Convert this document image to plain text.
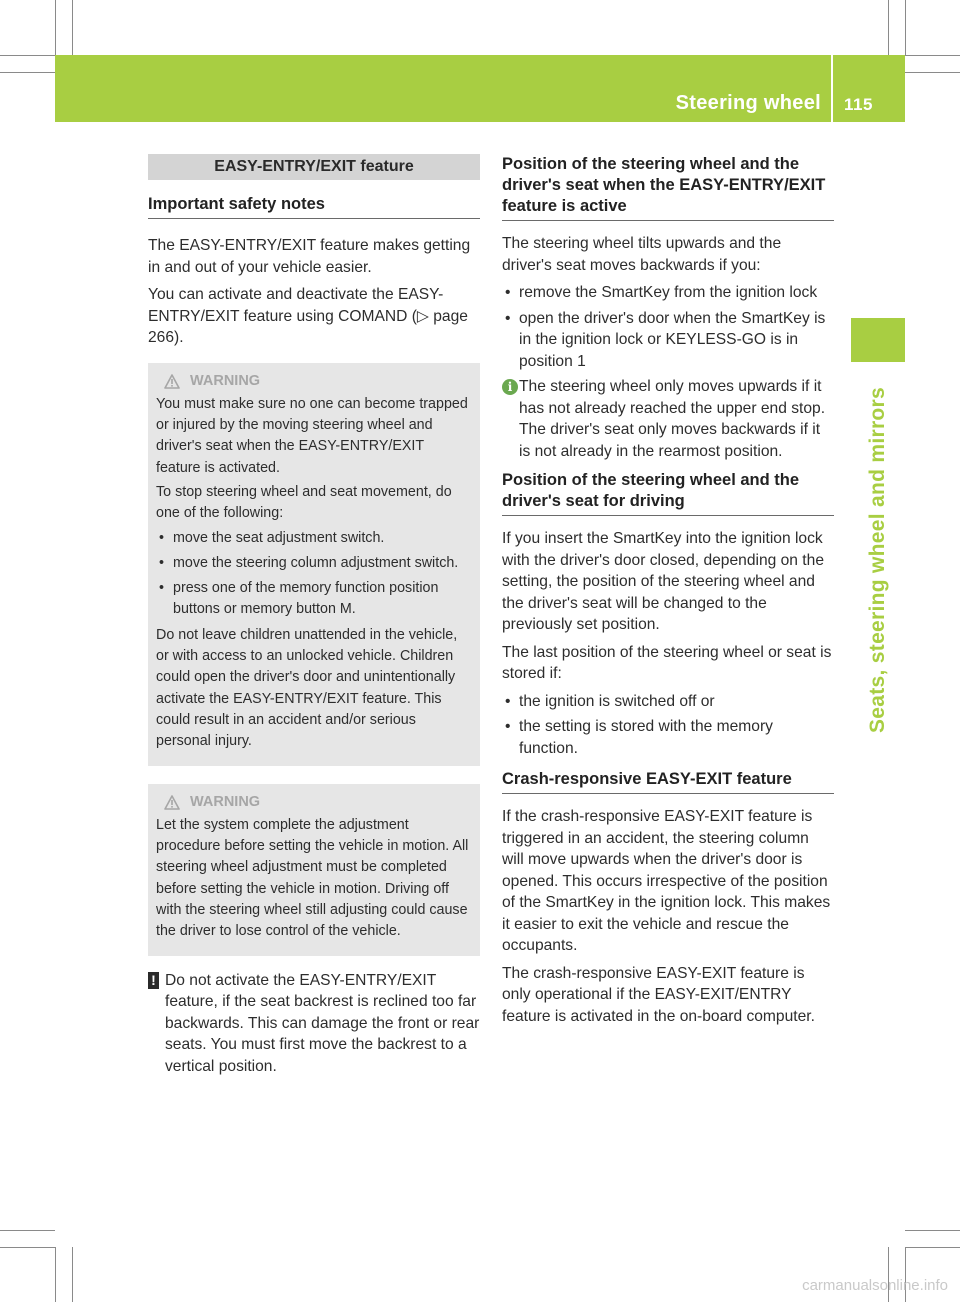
Steering wheel 115
Seats, steering wheel and mirrors
EASY-ENTRY/EXIT feature
Important safety notes

The EASY-ENTRY/EXIT feature makes getting in and out of your vehicle easier.

You can activate and deactivate the EASY-ENTRY/EXIT feature using COMAND (▷ page 266).

WARNING

You must make sure no one can become trapped or injured by the moving steering wheel and driver's seat when the EASY-ENTRY/EXIT feature is activated.

To stop steering wheel and seat movement, do one of the following:

• move the seat adjustment switch.
• move the steering column adjustment switch.
• press one of the memory function position buttons or memory button M.

Do not leave children unattended in the vehicle, or with access to an unlocked vehicle. Children could open the driver's door and unintentionally activate the EASY-ENTRY/EXIT feature. This could result in an accident and/or serious personal injury.

WARNING

Let the system complete the adjustment procedure before setting the vehicle in motion. All steering wheel adjustment must be completed before setting the vehicle in motion. Driving off with the steering wheel still adjusting could cause the driver to lose control of the vehicle.

! Do not activate the EASY-ENTRY/EXIT feature, if the seat backrest is reclined too far backwards. This can damage the front or rear seats. You must first move the backrest to a vertical position.
Position of the steering wheel and the driver's seat when the EASY-ENTRY/EXIT feature is active

The steering wheel tilts upwards and the driver's seat moves backwards if you:

• remove the SmartKey from the ignition lock
• open the driver's door when the SmartKey is in the ignition lock or KEYLESS-GO is in position 1
i The steering wheel only moves upwards if it has not already reached the upper end stop. The driver's seat only moves backwards if it is not already in the rearmost position.
Position of the steering wheel and the driver's seat for driving

If you insert the SmartKey into the ignition lock with the driver's door closed, depending on the setting, the position of the steering wheel and the driver's seat will be changed to the previously set position.

The last position of the steering wheel or seat is stored if:

• the ignition is switched off or
• the setting is stored with the memory function.
Crash-responsive EASY-EXIT feature

If the crash-responsive EASY-EXIT feature is triggered in an accident, the steering column will move upwards when the driver's door is opened. This occurs irrespective of the position of the SmartKey in the ignition lock. This makes it easier to exit the vehicle and rescue the occupants.

The crash-responsive EASY-EXIT feature is only operational if the EASY-EXIT/ENTRY feature is activated in the on-board computer.

carmanualsonline.info
